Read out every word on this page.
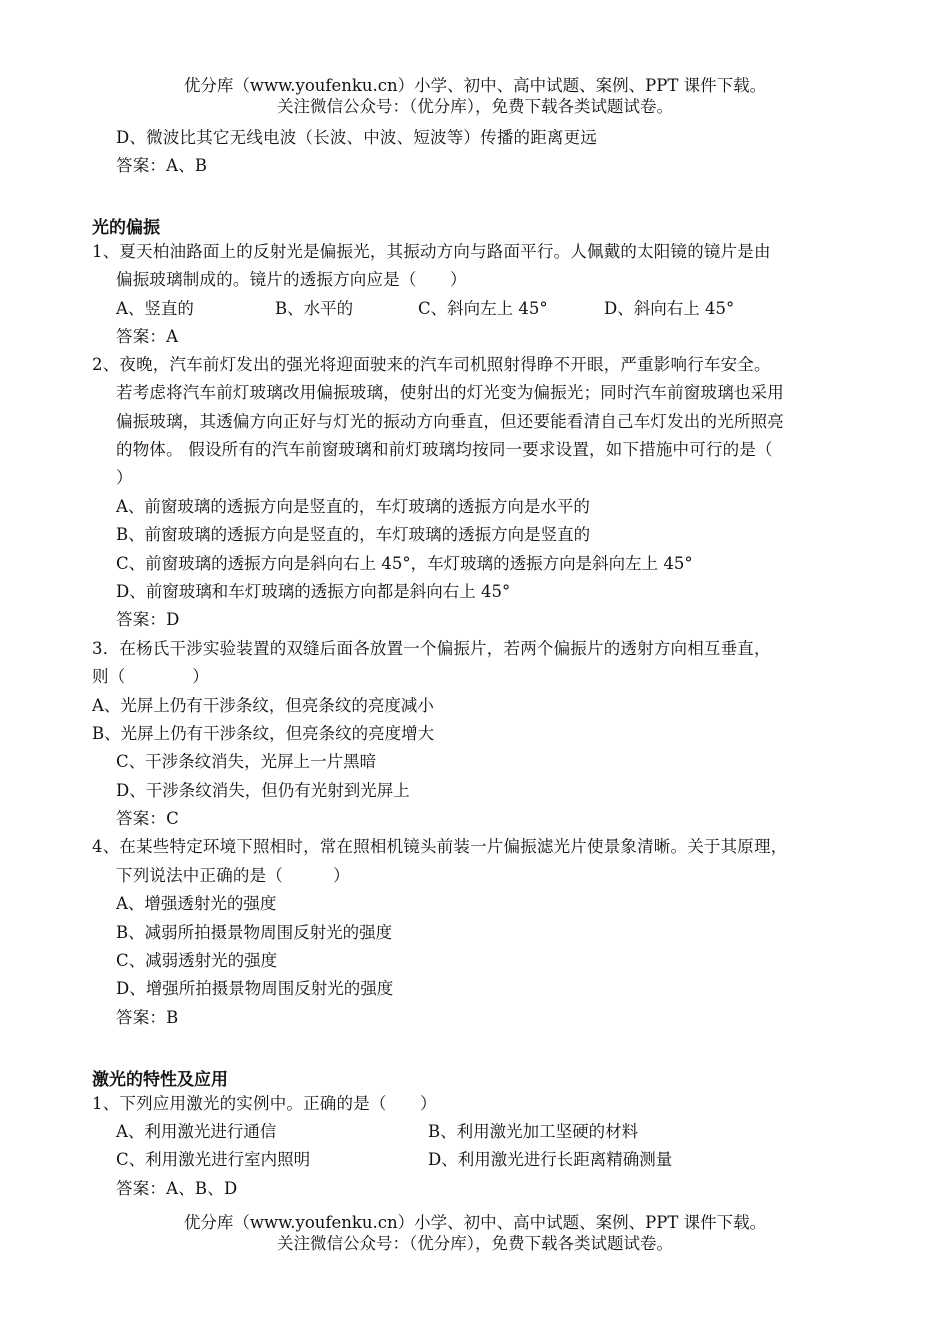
优分库（www.youfenku.cn）小学、初中、高中试题、案例、PPT 课件下载。
关注微信公众号：（优分库），免费下载各类试题试卷。
D、微波比其它无线电波（长波、中波、短波等）传播的距离更远
答案：A、B
光的偏振
1、夏天柏油路面上的反射光是偏振光，其振动方向与路面平行。人佩戴的太阳镜的镜片是由
偏振玻璃制成的。镜片的透振方向应是（　　）
A、竖直的	B、水平的	C、斜向左上 45°	D、斜向右上 45°
答案：A
2、夜晚，汽车前灯发出的强光将迎面驶来的汽车司机照射得睁不开眼，严重影响行车安全。
若考虑将汽车前灯玻璃改用偏振玻璃，使射出的灯光变为偏振光；同时汽车前窗玻璃也采用
偏振玻璃，其透偏方向正好与灯光的振动方向垂直，但还要能看清自己车灯发出的光所照亮
的物体。 假设所有的汽车前窗玻璃和前灯玻璃均按同一要求设置，如下措施中可行的是（
）
A、前窗玻璃的透振方向是竖直的，车灯玻璃的透振方向是水平的
B、前窗玻璃的透振方向是竖直的，车灯玻璃的透振方向是竖直的
C、前窗玻璃的透振方向是斜向右上 45°，车灯玻璃的透振方向是斜向左上 45°
D、前窗玻璃和车灯玻璃的透振方向都是斜向右上 45°
答案：D
3．在杨氏干涉实验装置的双缝后面各放置一个偏振片，若两个偏振片的透射方向相互垂直，
则（　　　　）
A、光屏上仍有干涉条纹，但亮条纹的亮度减小
B、光屏上仍有干涉条纹，但亮条纹的亮度增大
C、干涉条纹消失，光屏上一片黑暗
D、干涉条纹消失，但仍有光射到光屏上
答案：C
4、在某些特定环境下照相时，常在照相机镜头前装一片偏振滤光片使景象清晰。关于其原理，
下列说法中正确的是（　　　）
A、增强透射光的强度
B、减弱所拍摄景物周围反射光的强度
C、减弱透射光的强度
D、增强所拍摄景物周围反射光的强度
答案：B
激光的特性及应用
1、下列应用激光的实例中。正确的是（　　）
A、利用激光进行通信	B、利用激光加工坚硬的材料
C、利用激光进行室内照明	D、利用激光进行长距离精确测量
答案：A、B、D
优分库（www.youfenku.cn）小学、初中、高中试题、案例、PPT 课件下载。
关注微信公众号：（优分库），免费下载各类试题试卷。
